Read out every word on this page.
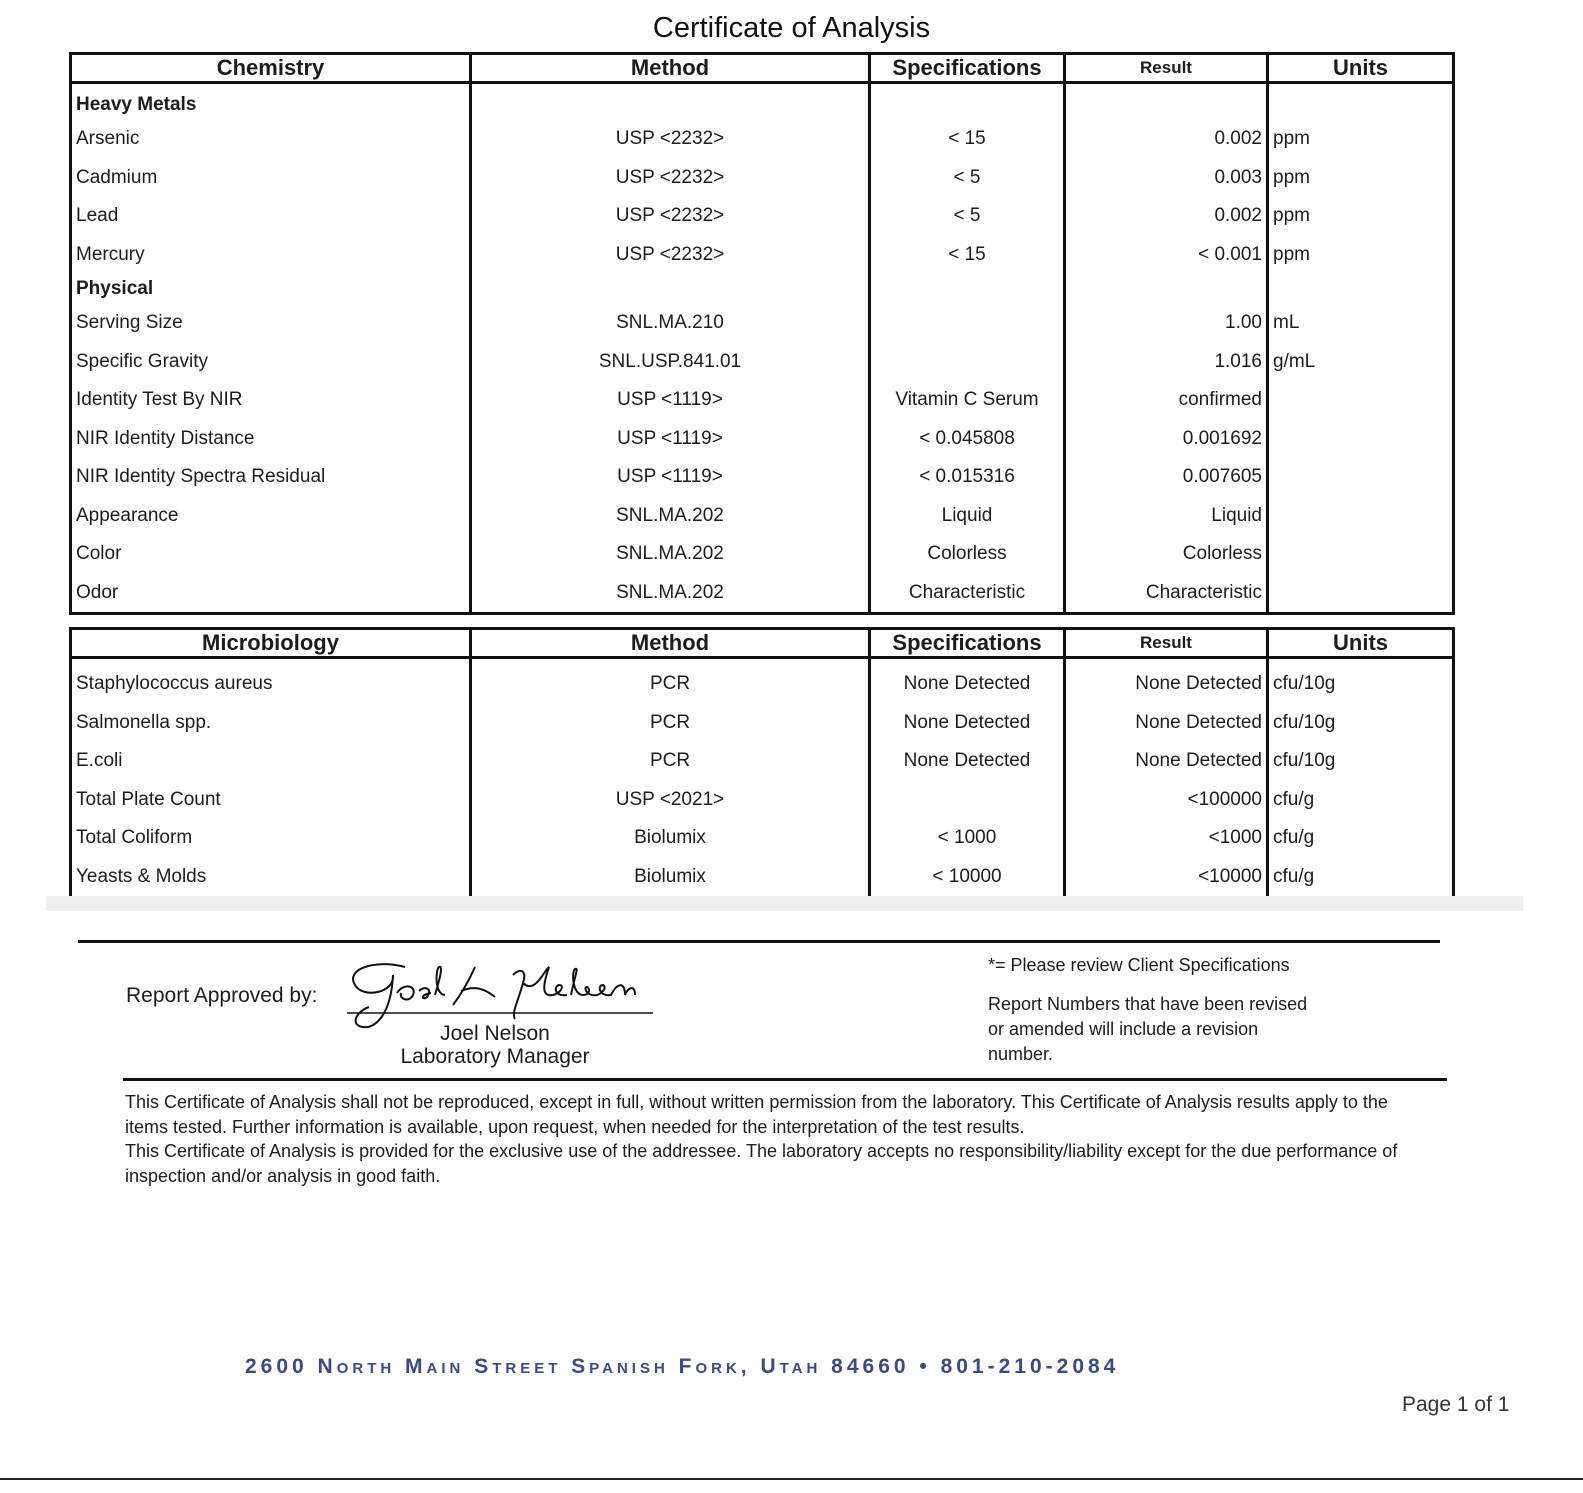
Certificate of Analysis
Chemistry	Method	Specifications	Result	Units
Heavy Metals				
Arsenic	USP <2232>	< 15	0.002	ppm
Cadmium	USP <2232>	< 5	0.003	ppm
Lead	USP <2232>	< 5	0.002	ppm
Mercury	USP <2232>	< 15	< 0.001	ppm
Physical				
Serving Size	SNL.MA.210		1.00	mL
Specific Gravity	SNL.USP.841.01		1.016	g/mL
Identity Test By NIR	USP <1119>	Vitamin C Serum	confirmed	
NIR Identity Distance	USP <1119>	< 0.045808	0.001692	
NIR Identity Spectra Residual	USP <1119>	< 0.015316	0.007605	
Appearance	SNL.MA.202	Liquid	Liquid	
Color	SNL.MA.202	Colorless	Colorless	
Odor	SNL.MA.202	Characteristic	Characteristic	
Microbiology	Method	Specifications	Result	Units
Staphylococcus aureus	PCR	None Detected	None Detected	cfu/10g
Salmonella spp.	PCR	None Detected	None Detected	cfu/10g
E.coli	PCR	None Detected	None Detected	cfu/10g
Total Plate Count	USP <2021>		<100000	cfu/g
Total Coliform	Biolumix	< 1000	<1000	cfu/g
Yeasts & Molds	Biolumix	< 10000	<10000	cfu/g
Report Approved by:
Joel Nelson
Laboratory Manager
*= Please review Client Specifications
Report Numbers that have been revised or amended will include a revision number.
This Certificate of Analysis shall not be reproduced, except in full, without written permission from the laboratory. This Certificate of Analysis results apply to the items tested. Further information is available, upon request, when needed for the interpretation of the test results.
This Certificate of Analysis is provided for the exclusive use of the addressee. The laboratory accepts no responsibility/liability except for the due performance of inspection and/or analysis in good faith.
2600 North Main Street Spanish Fork, Utah 84660 • 801-210-2084
Page 1 of 1
